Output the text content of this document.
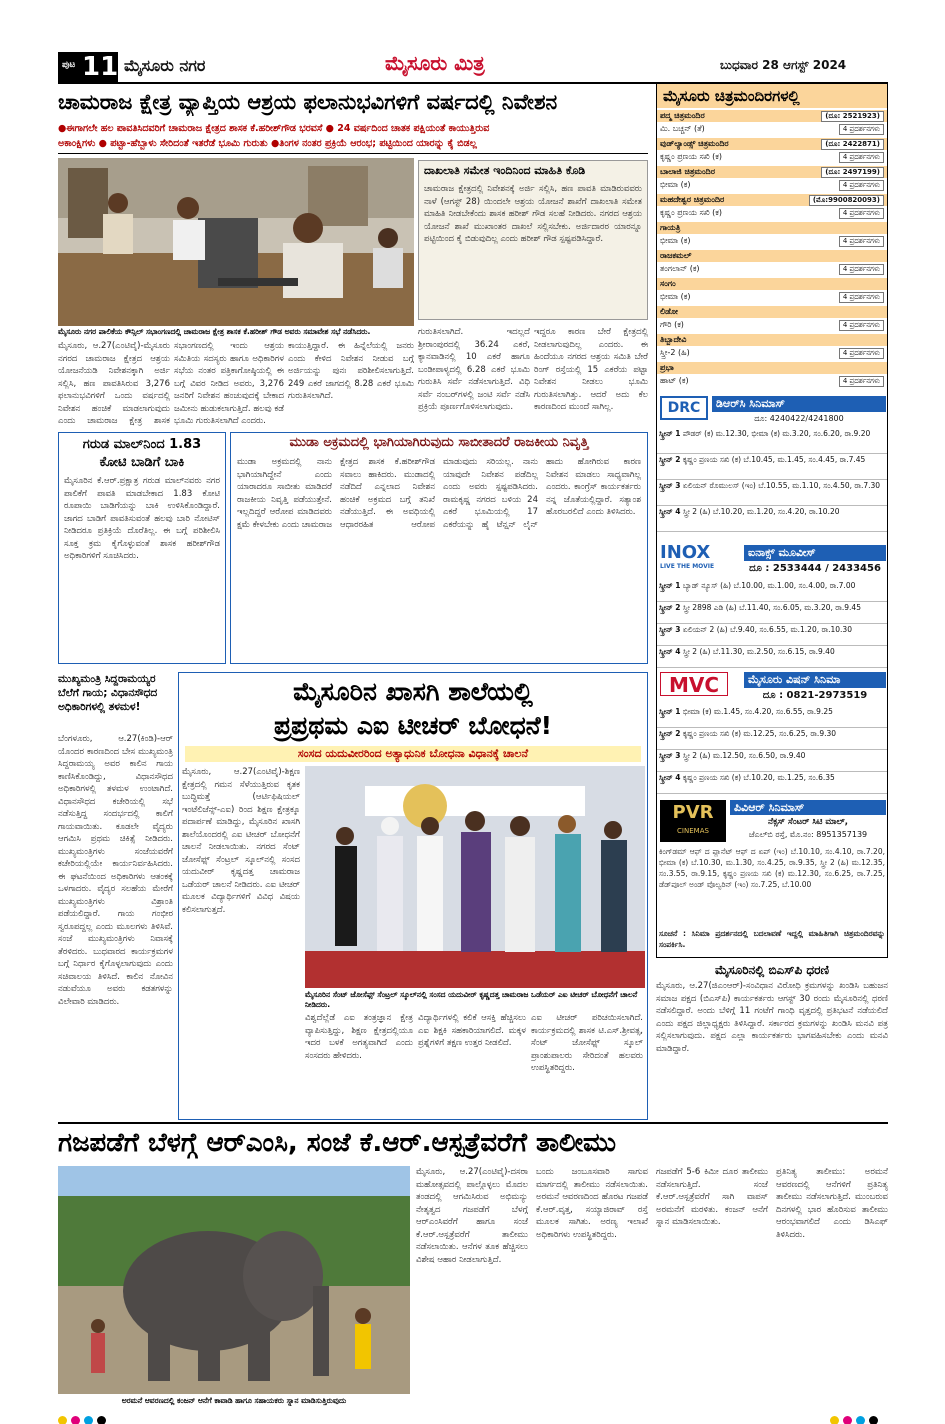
ಪುಟ 11 ಮೈಸೂರು ನಗರ	ಮೈಸೂರು ಮಿತ್ರ	ಬುಧವಾರ 28 ಆಗಸ್ಟ್ 2024
ಚಾಮರಾಜ ಕ್ಷೇತ್ರ ವ್ಯಾಪ್ತಿಯ ಆಶ್ರಯ ಫಲಾನುಭವಿಗಳಿಗೆ ವರ್ಷದಲ್ಲಿ ನಿವೇಶನ
●ಈಗಾಗಲೇ ಹಲ ಪಾವತಿಸಿದವರಿಗೆ ಚಾಮರಾಜ ಕ್ಷೇತ್ರದ ಶಾಸಕ ಕೆ.ಹರೀಶ್‌ಗೌಡ ಭರವಸೆ ● 24 ವರ್ಷದಿಂದ ಚಾತಕ ಪಕ್ಷಿಯಂತೆ ಕಾಯುತ್ತಿರುವ
ಅಕಾಂಕ್ಷಿಗಳು ● ಪಟ್ಟಾ-ಹೆಬ್ಬಾಳು ಸೇರಿದಂತೆ ಇತರೆಡೆ ಭೂಮಿ ಗುರುತು ●ತಿಂಗಳ ನಂತರ ಪ್ರಕ್ರಿಯೆ ಆರಂಭ; ಪಟ್ಟಿಯಿಂದ ಯಾರನ್ನು ಕೈ ಬಿಡಲ್ಲ
ಮೈಸೂರು ನಗರ ಪಾಲಿಕೆಯ ಕೌನ್ಸಿಲ್ ಸಭಾಂಗಣದಲ್ಲಿ ಚಾಮರಾಜ ಕ್ಷೇತ್ರ ಶಾಸಕ ಕೆ.ಹರೀಶ್ ಗೌಡ ಅವರು ಸಮಾವೇಶ ಸಭೆ ನಡೆಸಿದರು.
ದಾಖಲಾತಿ ಸಮೇತ ಇಂದಿನಿಂದ ಮಾಹಿತಿ ಕೊಡಿ
ಚಾಮರಾಜ ಕ್ಷೇತ್ರದಲ್ಲಿ ನಿವೇಶನಕ್ಕೆ ಅರ್ಜಿ ಸಲ್ಲಿಸಿ, ಹಣ ಪಾವತಿ ಮಾಡಿರುವವರು ನಾಳೆ (ಆಗಸ್ಟ್ 28) ಯಿಂದಲೇ ಆಶ್ರಯ ಯೋಜನೆ ಶಾಖೆಗೆ ದಾಖಲಾತಿ ಸಮೇತ ಮಾಹಿತಿ ನೀಡಬೇಕೆಂದು ಶಾಸಕ ಹರೀಶ್ ಗೌಡ ಸಲಹೆ ನೀಡಿದರು. ನಗರದ ಆಶ್ರಯ ಯೋಜನೆ ಶಾಖೆ ಮುಖಾಂತರ ದಾಖಲೆ ಸಲ್ಲಿಸಬೇಕು. ಅರ್ಜಿದಾರರ ಯಾರನ್ನೂ ಪಟ್ಟಿಯಿಂದ ಕೈ ಬಿಡುವುದಿಲ್ಲ ಎಂದು ಹರೀಶ್ ಗೌಡ ಸ್ಪಷ್ಟಪಡಿಸಿದ್ದಾರೆ.
ಗುರುತಿಸಲಾಗಿದೆ. ಇದಲ್ಲದೆ ಶ್ರೀರಾಂಪುರದಲ್ಲಿ 36.24 ಎಕರೆ, ಕ್ಯಾನವಾಡಿನಲ್ಲಿ 10 ಎಕರೆ ಹಾಗೂ ಬಂಡೀಪಾಳ್ಯದಲ್ಲಿ 6.28 ಎಕರೆ ಭೂಮಿ ಗುರುತಿಸಿ ಸರ್ವೆ ನಡೆಸಲಾಗುತ್ತಿದೆ. ವಿಧಿ ಸರ್ವೆ ನಂಬರ್‌ಗಳಲ್ಲಿ ಜಂಟಿ ಸರ್ವೆ ನಡೆಸಿ ಪ್ರಕ್ರಿಯೆ ಪೂರ್ಣಗೊಳಿಸಲಾಗುವುದು.
ಇದ್ದರೂ ಕಾರಣ ಬೇರೆ ಕ್ಷೇತ್ರದಲ್ಲಿ ನೀಡಲಾಗುವುದಿಲ್ಲ ಎಂದರು. ಈ ಹಿಂದೆಯೂ ನಗರದ ಆಶ್ರಯ ಸಮಿತಿ ಬೇರೆ ರಿಂಗ್ ರಸ್ತೆಯಲ್ಲಿ 15 ಎಕರೆಯ ಪಟ್ಟಾ ನಿವೇಶನ ನೀಡಲು ಭೂಮಿ ಗುರುತಿಸಲಾಗಿತ್ತು. ಆದರೆ ಅದು ಕೆಲ ಕಾರಣದಿಂದ ಮುಂದೆ ಸಾಗಿಲ್ಲ.
ಮೈಸೂರು, ಆ.27(ಎಂಟಿವೈ)-ಮೈಸೂರು ನಗರದ ಚಾಮರಾಜ ಕ್ಷೇತ್ರದ ಆಶ್ರಯ ಯೋಜನೆಯಡಿ ನಿವೇಶನಕ್ಕಾಗಿ ಅರ್ಜಿ ಸಲ್ಲಿಸಿ, ಹಣ ಪಾವತಿಸಿರುವ 3,276 ಫಲಾನುಭವಿಗಳಿಗೆ ಒಂದು ವರ್ಷದಲ್ಲಿ ನಿವೇಶನ ಹಂಚಿಕೆ ಮಾಡಲಾಗುವುದು ಎಂದು ಚಾಮರಾಜ ಕ್ಷೇತ್ರ ಶಾಸಕ
ಸಭಾಂಗಣದಲ್ಲಿ ಇಂದು ಆಶ್ರಯ ಸಮಿತಿಯ ಸದಸ್ಯರು ಹಾಗೂ ಅಧಿಕಾರಿಗಳ ಸಭೆಯ ನಂತರ ಪತ್ರಿಕಾಗೋಷ್ಠಿಯಲ್ಲಿ ಈ ಬಗ್ಗೆ ವಿವರ ನೀಡಿದ ಅವರು, 3,276 ಜನರಿಗೆ ನಿವೇಶನ ಹಂಚುವುದಕ್ಕೆ ಬೇಕಾದ ಜಮೀನು ಹುಡುಕಲಾಗುತ್ತಿದೆ. ಹಲವು ಕಡೆ ಭೂಮಿ ಗುರುತಿಸಲಾಗಿದೆ ಎಂದರು.
ಕಾಯುತ್ತಿದ್ದಾರೆ. ಈ ಹಿನ್ನೆಲೆಯಲ್ಲಿ ಜನರು ಎಂದು ಕೇಳಿದ ನಿವೇಶನ ನೀಡುವ ಬಗ್ಗೆ ಅರ್ಜಿಯನ್ನು ಪುನಃ ಪರಿಶೀಲಿಸಲಾಗುತ್ತಿದೆ. 249 ಎಕರೆ ಜಾಗದಲ್ಲಿ 8.28 ಎಕರೆ ಭೂಮಿ ಗುರುತಿಸಲಾಗಿದೆ.
ಗರುಡ ಮಾಲ್‌ನಿಂದ 1.83
ಕೋಟಿ ಬಾಡಿಗೆ ಬಾಕಿ
ಮೈಸೂರಿನ ಕೆ.ಆರ್.ಪ್ರಕ್ಷಾತ್ರ ಗರುಡ ಮಾಲ್‌ನವರು ನಗರ ಪಾಲಿಕೆಗೆ ಪಾವತಿ ಮಾಡಬೇಕಾದ 1.83 ಕೋಟಿ ರೂಪಾಯಿ ಬಾಡಿಗೆಯನ್ನು ಬಾಕಿ ಉಳಿಸಿಕೊಂಡಿದ್ದಾರೆ. ಜಾಗದ ಬಾಡಿಗೆ ಪಾವತಿಸುವಂತೆ ಹಲವು ಬಾರಿ ನೋಟಿಸ್ ನೀಡಿದರೂ ಪ್ರತಿಕ್ರಿಯೆ ದೊರೆತಿಲ್ಲ. ಈ ಬಗ್ಗೆ ಪರಿಶೀಲಿಸಿ ಸೂಕ್ತ ಕ್ರಮ ಕೈಗೊಳ್ಳುವಂತೆ ಶಾಸಕ ಹರೀಶ್‌ಗೌಡ ಅಧಿಕಾರಿಗಳಿಗೆ ಸೂಚಿಸಿದರು.
ಮುಡಾ ಅಕ್ರಮದಲ್ಲಿ ಭಾಗಿಯಾಗಿರುವುದು ಸಾಬೀತಾದರೆ ರಾಜಕೀಯ ನಿವೃತ್ತಿ
ಮುಡಾ ಅಕ್ರಮದಲ್ಲಿ ನಾನು ಭಾಗಿಯಾಗಿದ್ದೇನೆ ಎಂದು ಯಾರಾದರೂ ಸಾಬೀತು ಮಾಡಿದರೆ ರಾಜಕೀಯ ನಿವೃತ್ತಿ ಪಡೆಯುತ್ತೇನೆ. ಇಲ್ಲದಿದ್ದರೆ ಆರೋಪ ಮಾಡಿದವರು ಕ್ಷಮೆ ಕೇಳಬೇಕು ಎಂದು ಚಾಮರಾಜ ಕ್ಷೇತ್ರದ ಶಾಸಕ ಕೆ.ಹರೀಶ್‌ಗೌಡ ಸವಾಲು ಹಾಕಿದರು. ಮುಡಾದಲ್ಲಿ ನಡೆದಿದೆ ಎನ್ನಲಾದ ನಿವೇಶನ ಹಂಚಿಕೆ ಅಕ್ರಮದ ಬಗ್ಗೆ ತನಿಖೆ ನಡೆಯುತ್ತಿದೆ. ಈ ಅವಧಿಯಲ್ಲಿ ಆಧಾರರಹಿತ ಆರೋಪ ಮಾಡುವುದು ಸರಿಯಲ್ಲ. ನಾನು ಯಾವುದೇ ನಿವೇಶನ ಪಡೆದಿಲ್ಲ ಎಂದು ಅವರು ಸ್ಪಷ್ಟಪಡಿಸಿದರು. ರಾಮಕೃಷ್ಣ ನಗರದ ಬಳಿಯ 24 ಎಕರೆ ಭೂಮಿಯಲ್ಲಿ 17 ಎಕರೆಯನ್ನು ಹೈ ಟೆನ್ಷನ್ ಲೈನ್ ಹಾದು ಹೋಗಿರುವ ಕಾರಣ ನಿವೇಶನ ಮಾಡಲು ಸಾಧ್ಯವಾಗಿಲ್ಲ ಎಂದರು. ಕಾಂಗ್ರೆಸ್ ಕಾರ್ಯಕರ್ತರು ನನ್ನ ಜೊತೆಯಲ್ಲಿದ್ದಾರೆ. ಸತ್ಯಾಂಶ ಹೊರಬರಲಿದೆ ಎಂದು ತಿಳಿಸಿದರು.
ಮುಖ್ಯಮಂತ್ರಿ ಸಿದ್ದರಾಮಯ್ಯರ ಬೆಲೆಗೆ ಗಾಯ; ವಿಧಾನಸೌಧದ ಅಧಿಕಾರಿಗಳಲ್ಲಿ ತಳಮಳ!
ಬೆಂಗಳೂರು, ಆ.27(ಕಿಂಡಿ)-ಆರ್ ಯೊಂದರ ಕಾರಣದಿಂದ ಬೇಸ ಮುಖ್ಯಮಂತ್ರಿ ಸಿದ್ದರಾಮಯ್ಯ ಅವರ ಕಾಲಿನ ಗಾಯ ಕಾಣಿಸಿಕೊಂಡಿದ್ದು, ವಿಧಾನಸೌಧದ ಅಧಿಕಾರಿಗಳಲ್ಲಿ ತಳಮಳ ಉಂಟಾಗಿದೆ. ವಿಧಾನಸೌಧದ ಕಚೇರಿಯಲ್ಲಿ ಸಭೆ ನಡೆಸುತ್ತಿದ್ದ ಸಂದರ್ಭದಲ್ಲಿ ಕಾಲಿಗೆ ಗಾಯವಾಯಿತು. ಕೂಡಲೇ ವೈದ್ಯರು ಆಗಮಿಸಿ ಪ್ರಥಮ ಚಿಕಿತ್ಸೆ ನೀಡಿದರು. ಮುಖ್ಯಮಂತ್ರಿಗಳು ಸಂಜೆಯವರೆಗೆ ಕಚೇರಿಯಲ್ಲಿಯೇ ಕಾರ್ಯನಿರ್ವಹಿಸಿದರು. ಈ ಘಟನೆಯಿಂದ ಅಧಿಕಾರಿಗಳು ಆತಂಕಕ್ಕೆ ಒಳಗಾದರು. ವೈದ್ಯರ ಸಲಹೆಯ ಮೇರೆಗೆ ಮುಖ್ಯಮಂತ್ರಿಗಳು ವಿಶ್ರಾಂತಿ ಪಡೆಯಲಿದ್ದಾರೆ. ಗಾಯ ಗಂಭೀರ ಸ್ವರೂಪದ್ದಲ್ಲ ಎಂದು ಮೂಲಗಳು ತಿಳಿಸಿವೆ. ಸಂಜೆ ಮುಖ್ಯಮಂತ್ರಿಗಳು ನಿವಾಸಕ್ಕೆ ತೆರಳಿದರು. ಬುಧವಾರದ ಕಾರ್ಯಕ್ರಮಗಳ ಬಗ್ಗೆ ನಿರ್ಧಾರ ಕೈಗೊಳ್ಳಲಾಗುವುದು ಎಂದು ಸಚಿವಾಲಯ ತಿಳಿಸಿದೆ. ಕಾಲಿನ ನೋವಿನ ನಡುವೆಯೂ ಅವರು ಕಡತಗಳನ್ನು ವಿಲೇವಾರಿ ಮಾಡಿದರು.
ಮೈಸೂರಿನ ಖಾಸಗಿ ಶಾಲೆಯಲ್ಲಿ
ಪ್ರಪ್ರಥಮ ಎಐ ಟೀಚರ್ ಬೋಧನೆ!
ಸಂಸದ ಯದುವೀರರಿಂದ ಅತ್ಯಾಧುನಿಕ ಬೋಧನಾ ವಿಧಾನಕ್ಕೆ ಚಾಲನೆ
ಮೈಸೂರು, ಆ.27(ಎಂಟಿವೈ)-ಶಿಕ್ಷಣ ಕ್ಷೇತ್ರದಲ್ಲಿ ಗಮನ ಸೆಳೆಯುತ್ತಿರುವ ಕೃತಕ ಬುದ್ಧಿಮತ್ತೆ (ಆರ್ಟಿಫಿಷಿಯಲ್ ಇಂಟೆಲಿಜೆನ್ಸ್-ಎಐ) ರಿಂದ ಶಿಕ್ಷಣ ಕ್ಷೇತ್ರಕ್ಕೂ ಪದಾರ್ಪಣೆ ಮಾಡಿದ್ದು, ಮೈಸೂರಿನ ಖಾಸಗಿ ಶಾಲೆಯೊಂದರಲ್ಲಿ ಎಐ ಟೀಚರ್ ಬೋಧನೆಗೆ ಚಾಲನೆ ನೀಡಲಾಯಿತು. ನಗರದ ಸೆಂಟ್ ಜೋಸೆಫ್ಸ್ ಸೆಂಟ್ರಲ್ ಸ್ಕೂಲ್‌ನಲ್ಲಿ ಸಂಸದ ಯದುವೀರ್ ಕೃಷ್ಣದತ್ತ ಚಾಮರಾಜ ಒಡೆಯರ್ ಚಾಲನೆ ನೀಡಿದರು. ಎಐ ಟೀಚರ್ ಮೂಲಕ ವಿದ್ಯಾರ್ಥಿಗಳಿಗೆ ವಿವಿಧ ವಿಷಯ ಕಲಿಸಲಾಗುತ್ತದೆ.
ಮೈಸೂರಿನ ಸೆಂಟ್ ಜೋಸೆಫ್ಸ್ ಸೆಂಟ್ರಲ್ ಸ್ಕೂಲ್‌ನಲ್ಲಿ ಸಂಸದ ಯದುವೀರ್ ಕೃಷ್ಣದತ್ತ ಚಾಮರಾಜ ಒಡೆಯರ್ ಎಐ ಟೀಚರ್ ಬೋಧನೆಗೆ ಚಾಲನೆ ನೀಡಿದರು.
ವಿಶ್ವದೆಲ್ಲೆಡೆ ಎಐ ತಂತ್ರಜ್ಞಾನ ಕ್ಷೇತ್ರ ವ್ಯಾಪಿಸುತ್ತಿದ್ದು, ಶಿಕ್ಷಣ ಕ್ಷೇತ್ರದಲ್ಲಿಯೂ ಇದರ ಬಳಕೆ ಅಗತ್ಯವಾಗಿದೆ ಎಂದು ಸಂಸದರು ಹೇಳಿದರು.
ವಿದ್ಯಾರ್ಥಿಗಳಲ್ಲಿ ಕಲಿಕೆ ಆಸಕ್ತಿ ಹೆಚ್ಚಿಸಲು ಎಐ ಶಿಕ್ಷಕಿ ಸಹಕಾರಿಯಾಗಲಿದೆ. ಮಕ್ಕಳ ಪ್ರಶ್ನೆಗಳಿಗೆ ತಕ್ಷಣ ಉತ್ತರ ನೀಡಲಿದೆ.
ಎಐ ಟೀಚರ್ ಪರಿಚಯಿಸಲಾಗಿದೆ. ಕಾರ್ಯಕ್ರಮದಲ್ಲಿ ಶಾಸಕ ಟಿ.ಎಸ್.ಶ್ರೀವತ್ಸ, ಸೆಂಟ್ ಜೋಸೆಫ್ಸ್ ಸ್ಕೂಲ್ ಪ್ರಾಂಶುಪಾಲರು ಸೇರಿದಂತೆ ಹಲವರು ಉಪಸ್ಥಿತರಿದ್ದರು.
ಮೈಸೂರು ಚಿತ್ರಮಂದಿರಗಳಲ್ಲಿ
ಪದ್ಮ ಚಿತ್ರಮಂದಿರ	(ದೂ: 2521923)
ಮಿ. ಬಚ್ಚನ್ (ತೆ)	4 ಪ್ರದರ್ಶನಗಳು
ವುಡ್‌ಲ್ಯಾಂಡ್ಸ್ ಚಿತ್ರಮಂದಿರ	(ದೂ: 2422871)
ಕೃಷ್ಣಂ ಪ್ರಣಯ ಸಖಿ (ಕ)	4 ಪ್ರದರ್ಶನಗಳು
ಬಾಲಾಜಿ ಚಿತ್ರಮಂದಿರ	(ದೂ: 2497199)
ಭೀಮಾ (ಕ)	4 ಪ್ರದರ್ಶನಗಳು
ಮಹದೇಶ್ವರ ಚಿತ್ರಮಂದಿರ	(ಮೊ:9900820093)
ಕೃಷ್ಣಂ ಪ್ರಣಯ ಸಖಿ (ಕ)	4 ಪ್ರದರ್ಶನಗಳು
ಗಾಯತ್ರಿ
ಭೀಮಾ (ಕ)	4 ಪ್ರದರ್ಶನಗಳು
ರಾಜಕಮಲ್
ತಂಗಲಾನ್ (ಕ)	4 ಪ್ರದರ್ಶನಗಳು
ಸಂಗಂ
ಭೀಮಾ (ಕ)	4 ಪ್ರದರ್ಶನಗಳು
ಲಿಡೋ
ಗೌರಿ (ಕ)	4 ಪ್ರದರ್ಶನಗಳು
ತಿಬ್ಬಾದೇವಿ
ಸ್ತ್ರೀ-2 (ಹಿ)	4 ಪ್ರದರ್ಶನಗಳು
ಪ್ರಭಾ
ಹಾಟ್ (ಕ)	4 ಪ್ರದರ್ಶನಗಳು
DRC	ಡಿಆರ್‌ಸಿ ಸಿನಿಮಾಸ್
ದೂ: 4240422/4241800
ಸ್ಕ್ರೀನ್ 1 ಪೌಡರ್ (ಕ) ಮ.12.30, ಭೀಮಾ (ಕ) ಮ.3.20, ಸಂ.6.20, ರಾ.9.20
ಸ್ಕ್ರೀನ್ 2 ಕೃಷ್ಣಂ ಪ್ರಣಯ ಸಖಿ (ಕ) ಬೆ.10.45, ಮ.1.45, ಸಂ.4.45, ರಾ.7.45
ಸ್ಕ್ರೀನ್ 3 ಏಲಿಯನ್ ರೊಮುಲಸ್ (ಇಂ) ಬೆ.10.55, ಮ.1.10, ಸಂ.4.50, ರಾ.7.30
ಸ್ಕ್ರೀನ್ 4 ಸ್ತ್ರೀ 2 (ಹಿ) ಬೆ.10.20, ಮ.1.20, ಸಂ.4.20, ರಾ.10.20
INOX
LIVE THE MOVIE
ಐನಾಕ್ಸ್ ಮೂವೀಸ್
ದೂ : 2533444 / 2433456
ಸ್ಕ್ರೀನ್ 1 ಬ್ಯಾಡ್ ನ್ಯೂಸ್ (ಹಿ) ಬೆ.10.00, ಮ.1.00, ಸಂ.4.00, ರಾ.7.00
ಸ್ಕ್ರೀನ್ 2 ಸ್ತ್ರೀ 2898 ಎಡಿ (ಹಿ) ಬೆ.11.40, ಸಂ.6.05, ಮ.3.20, ರಾ.9.45
ಸ್ಕ್ರೀನ್ 3 ಏಲಿಯನ್ 2 (ಹಿ) ಬೆ.9.40, ಸಂ.6.55, ಮ.1.20, ರಾ.10.30
ಸ್ಕ್ರೀನ್ 4 ಸ್ತ್ರೀ 2 (ಹಿ) ಬೆ.11.30, ಮ.2.50, ಸಂ.6.15, ರಾ.9.40
MVC	ಮೈಸೂರು ವಿಷನ್ ಸಿನಿಮಾ
ದೂ : 0821-2973519
ಸ್ಕ್ರೀನ್ 1 ಭೀಮಾ (ಕ) ಮ.1.45, ಸಂ.4.20, ಸಂ.6.55, ರಾ.9.25
ಸ್ಕ್ರೀನ್ 2 ಕೃಷ್ಣಂ ಪ್ರಣಯ ಸಖಿ (ಕ) ಮ.12.25, ಸಂ.6.25, ರಾ.9.30
ಸ್ಕ್ರೀನ್ 3 ಸ್ತ್ರೀ 2 (ಹಿ) ಮ.12.50, ಸಂ.6.50, ರಾ.9.40
ಸ್ಕ್ರೀನ್ 4 ಕೃಷ್ಣಂ ಪ್ರಣಯ ಸಖಿ (ಕ) ಬೆ.10.20, ಮ.1.25, ಸಂ.6.35
PVR
CINEMAS
ಪಿವಿಆರ್ ಸಿನಿಮಾಸ್
ನೆಕ್ಸಸ್ ಸೆಂಟರ್ ಸಿಟಿ ಮಾಲ್,
ಜೆಎಲ್‌ಬಿ ರಸ್ತೆ, ಮೊ.ನಂ: 8951357139
ಕಿಂಗ್‌ಡಮ್ ಆಫ್ ದ ಪ್ಲಾನೆಟ್ ಆಫ್ ದ ಏಪ್ (ಇಂ) ಬೆ.10.10, ಸಂ.4.10, ರಾ.7.20, ಭೀಮಾ (ಕ) ಬೆ.10.30, ಮ.1.30, ಸಂ.4.25, ರಾ.9.35, ಸ್ತ್ರೀ 2 (ಹಿ) ಮ.12.35, ಸಂ.3.55, ರಾ.9.15, ಕೃಷ್ಣಂ ಪ್ರಣಯ ಸಖಿ (ಕ) ಮ.12.30, ಸಂ.6.25, ರಾ.7.25, ಡೆಡ್‌ಪೂಲ್ ಅಂಡ್ ವೊಲ್ವರಿನ್ (ಇಂ) ಸಂ.7.25, ಬೆ.10.00
ಸೂಚನೆ : ಸಿನಿಮಾ ಪ್ರದರ್ಶನದಲ್ಲಿ ಬದಲಾವಣೆ ಇದ್ದಲ್ಲಿ ಮಾಹಿತಿಗಾಗಿ ಚಿತ್ರಮಂದಿರವನ್ನು ಸಂಪರ್ಕಿಸಿ.
ಮೈಸೂರಿನಲ್ಲಿ ಬಿಎಸ್‌ಪಿ ಧರಣಿ
ಮೈಸೂರು, ಆ.27(ಜಿಎಂಆರ್)-ಸಂವಿಧಾನ ವಿರೋಧಿ ಕ್ರಮಗಳನ್ನು ಖಂಡಿಸಿ ಬಹುಜನ ಸಮಾಜ ಪಕ್ಷದ (ಬಿಎಸ್‌ಪಿ) ಕಾರ್ಯಕರ್ತರು ಆಗಸ್ಟ್ 30 ರಂದು ಮೈಸೂರಿನಲ್ಲಿ ಧರಣಿ ನಡೆಸಲಿದ್ದಾರೆ. ಅಂದು ಬೆಳಿಗ್ಗೆ 11 ಗಂಟೆಗೆ ಗಾಂಧಿ ವೃತ್ತದಲ್ಲಿ ಪ್ರತಿಭಟನೆ ನಡೆಯಲಿದೆ ಎಂದು ಪಕ್ಷದ ಜಿಲ್ಲಾಧ್ಯಕ್ಷರು ತಿಳಿಸಿದ್ದಾರೆ. ಸರ್ಕಾರದ ಕ್ರಮಗಳನ್ನು ಖಂಡಿಸಿ ಮನವಿ ಪತ್ರ ಸಲ್ಲಿಸಲಾಗುವುದು. ಪಕ್ಷದ ಎಲ್ಲಾ ಕಾರ್ಯಕರ್ತರು ಭಾಗವಹಿಸಬೇಕು ಎಂದು ಮನವಿ ಮಾಡಿದ್ದಾರೆ.
ಗಜಪಡೆಗೆ ಬೆಳಗ್ಗೆ ಆರ್‌ಎಂಸಿ, ಸಂಜೆ ಕೆ.ಆರ್.ಆಸ್ಪತ್ರೆವರೆಗೆ ತಾಲೀಮು
ಅರಮನೆ ಆವರಣದಲ್ಲಿ ಕಂಜನ್ ಆನೆಗೆ ಕಾವಾಡಿ ಹಾಗೂ ಸಹಾಯಕರು ಸ್ನಾನ ಮಾಡಿಸುತ್ತಿರುವುದು
ಮೈಸೂರು, ಆ.27(ಎಂಟಿವೈ)-ದಸರಾ ಮಹೋತ್ಸವದಲ್ಲಿ ಪಾಲ್ಗೊಳ್ಳಲು ಮೊದಲ ತಂಡದಲ್ಲಿ ಆಗಮಿಸಿರುವ ಅಭಿಮನ್ಯು ನೇತೃತ್ವದ ಗಜಪಡೆಗೆ ಬೆಳಗ್ಗೆ ಆರ್‌ಎಂಸಿವರೆಗೆ ಹಾಗೂ ಸಂಜೆ ಕೆ.ಆರ್.ಆಸ್ಪತ್ರೆವರೆಗೆ ತಾಲೀಮು ನಡೆಸಲಾಯಿತು. ಆನೆಗಳ ತೂಕ ಹೆಚ್ಚಿಸಲು ವಿಶೇಷ ಆಹಾರ ನೀಡಲಾಗುತ್ತಿದೆ.
ಬಂದು ಜಂಬೂಸವಾರಿ ಸಾಗುವ ಮಾರ್ಗದಲ್ಲಿ ತಾಲೀಮು ನಡೆಸಲಾಯಿತು. ಅರಮನೆ ಆವರಣದಿಂದ ಹೊರಟ ಗಜಪಡೆ ಕೆ.ಆರ್.ವೃತ್ತ, ಸಯ್ಯಾಜಿರಾವ್ ರಸ್ತೆ ಮೂಲಕ ಸಾಗಿತು. ಅರಣ್ಯ ಇಲಾಖೆ ಅಧಿಕಾರಿಗಳು ಉಪಸ್ಥಿತರಿದ್ದರು.
ಗಜಪಡೆಗೆ 5-6 ಕಿಮೀ ದೂರ ತಾಲೀಮು ನಡೆಸಲಾಗುತ್ತಿದೆ. ಸಂಜೆ ಕೆ.ಆರ್.ಆಸ್ಪತ್ರೆವರೆಗೆ ಸಾಗಿ ವಾಪಸ್ ಅರಮನೆಗೆ ಮರಳಿತು. ಕಂಜನ್ ಆನೆಗೆ ಸ್ನಾನ ಮಾಡಿಸಲಾಯಿತು.
ಪ್ರತಿನಿತ್ಯ ತಾಲೀಮು: ಅರಮನೆ ಆವರಣದಲ್ಲಿ ಆನೆಗಳಿಗೆ ಪ್ರತಿನಿತ್ಯ ತಾಲೀಮು ನಡೆಸಲಾಗುತ್ತಿದೆ. ಮುಂಬರುವ ದಿನಗಳಲ್ಲಿ ಭಾರ ಹೊರಿಸುವ ತಾಲೀಮು ಆರಂಭವಾಗಲಿದೆ ಎಂದು ಡಿಸಿಎಫ್ ತಿಳಿಸಿದರು.
